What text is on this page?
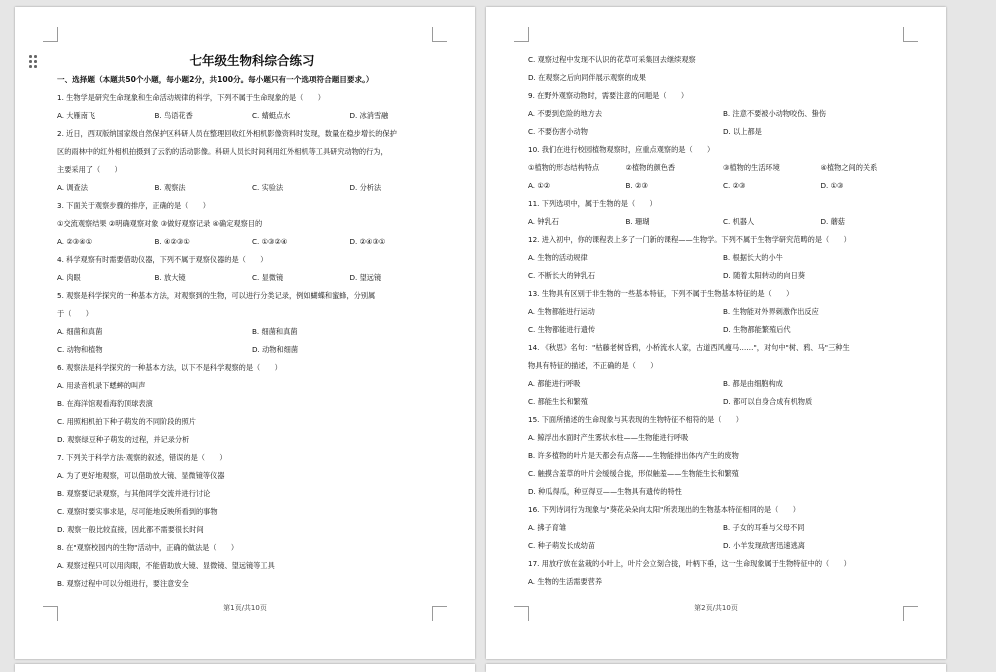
七年级生物科综合练习
一、选择题（本题共50个小题，每小题2分，共100分。每小题只有一个选项符合题目要求。）
1. 生物学是研究生命现象和生命活动规律的科学，下列不属于生命现象的是（　　）
A. 大雁南飞	B. 鸟语花香	C. 蜻蜓点水	D. 冰消雪融
2. 近日，西双版纳国家级自然保护区科研人员在整理回收红外相机影像资料时发现，数量在稳步增长的保护
区的雨林中的红外相机拍摄到了云豹的活动影像。科研人员长时间利用红外相机等工具研究动物的行为，
主要采用了（　　）
A. 调查法	B. 观察法	C. 实验法	D. 分析法
3. 下面关于观察步骤的排序，正确的是（　　）
①交流观察结果 ②明确观察对象 ③做好观察记录 ④确定观察目的
A. ②③④①	B. ④②③①	C. ①③②④	D. ②④③①
4. 科学观察有时需要借助仪器，下列不属于观察仪器的是（　　）
A. 肉眼	B. 放大镜	C. 显微镜	D. 望远镜
5. 观察是科学探究的一种基本方法，对观察到的生物，可以进行分类记录，例如蝴蝶和蜜蜂，分别属
于（　　）
A. 细菌和真菌	B. 细菌和真菌
C. 动物和植物	D. 动物和细菌
6. 观察法是科学探究的一种基本方法，以下不是科学观察的是（　　）
A. 用录音机录下蟋蟀的叫声
B. 在海洋馆观看海豹顶球表演
C. 用照相机拍下种子萌发的不同阶段的照片
D. 观察绿豆种子萌发的过程，并记录分析
7. 下列关于科学方法·观察的叙述，错误的是（　　）
A. 为了更好地观察，可以借助放大镜、显微镜等仪器
B. 观察要记录观察，与其他同学交流并进行讨论
C. 观察时要实事求是，尽可能地反映所看到的事物
D. 观察一般比较直接，因此都不需要很长时间
8. 在"观察校园内的生物"活动中，正确的做法是（　　）
A. 观察过程只可以用肉眼，不能借助放大镜、显微镜、望远镜等工具
B. 观察过程中可以分组进行，要注意安全
第1页/共10页
C. 观察过程中发现不认识的花草可采集回去继续观察
D. 在观察之后向同伴展示观察的成果
9. 在野外观察动物时，需要注意的问题是（　　）
A. 不要到危险的地方去	B. 注意不要被小动物咬伤、蛰伤
C. 不要伤害小动物	D. 以上都是
10. 我们在进行校园植物观察时，应重点观察的是（　　）
①植物的形态结构特点	②植物的颜色香	③植物的生活环境	④植物之间的关系
A. ①②	B. ②③	C. ②③	D. ①③
11. 下列选项中，属于生物的是（　　）
A. 钟乳石	B. 珊瑚	C. 机器人	D. 蘑菇
12. 进入初中，你的课程表上多了一门新的课程——生物学。下列不属于生物学研究范畴的是（　　）
A. 生物的活动规律	B. 根据长大的小牛
C. 不断长大的钟乳石	D. 随着太阳转动的向日葵
13. 生物具有区别于非生物的一些基本特征，下列不属于生物基本特征的是（　　）
A. 生物都能进行运动	B. 生物能对外界刺激作出反应
C. 生物都能进行遗传	D. 生物都能繁殖后代
14. 《秋思》名句："枯藤老树昏鸦，小桥流水人家，古道西风瘦马……"，对句中"树、鸦、马"三种生
物具有特征的描述，不正确的是（　　）
A. 都能进行呼吸	B. 都是由细胞构成
C. 都能生长和繁殖	D. 都可以自身合成有机物质
15. 下面所描述的生命现象与其表现的生物特征不相符的是（　　）
A. 鲸浮出水面时产生雾状水柱——生物能进行呼吸
B. 许多植物的叶片是天都会有点落——生物能排出体内产生的废物
C. 触摸含羞草的叶片会缓缓合拢，形似触羞——生物能生长和繁殖
D. 种瓜得瓜，种豆得豆——生物具有遗传的特性
16. 下列诗词行为现象与"葵花朵朵向太阳"所表现出的生物基本特征相同的是（　　）
A. 拂子育雏	B. 子女的耳垂与父母不同
C. 种子萌发长成幼苗	D. 小羊发现敌害迅速逃离
17. 用放疗放在盆栽的小叶上，叶片会立刻合拢，叶柄下垂，这一生命现象属于生物特征中的（　　）
A. 生物的生活需要营养
第2页/共10页
